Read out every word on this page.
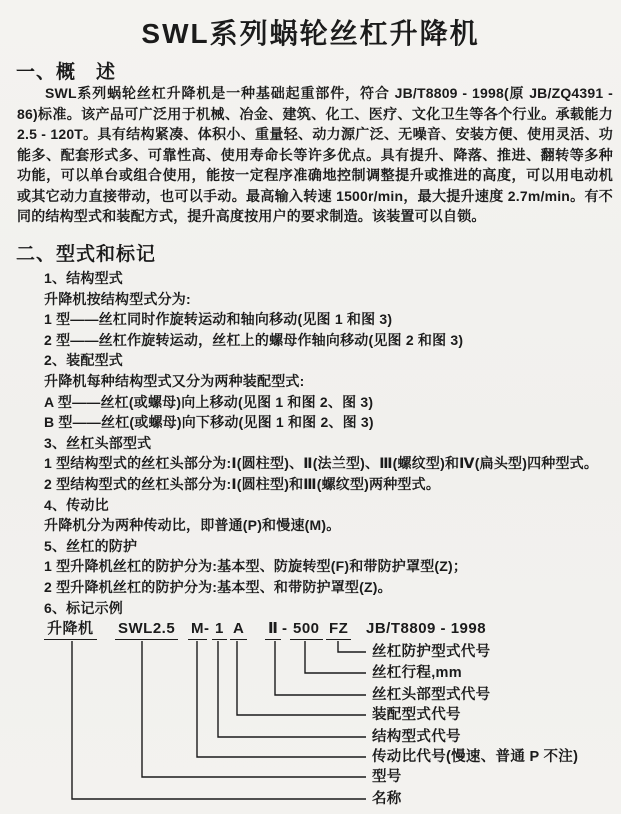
SWL系列蜗轮丝杠升降机
一、概　述

SWL系列蜗轮丝杠升降机是一种基础起重部件，符合 JB/T8809 - 1998(原 JB/ZQ4391 - 86)标准。该产品可广泛用于机械、冶金、建筑、化工、医疗、文化卫生等各个行业。承载能力 2.5 - 120T。具有结构紧凑、体积小、重量轻、动力源广泛、无噪音、安装方便、使用灵活、功能多、配套形式多、可靠性高、使用寿命长等许多优点。具有提升、降落、推进、翻转等多种功能，可以单台或组合使用，能按一定程序准确地控制调整提升或推进的高度，可以用电动机或其它动力直接带动，也可以手动。最高输入转速 1500r/min，最大提升速度 2.7m/min。有不同的结构型式和装配方式，提升高度按用户的要求制造。该装置可以自锁。

二、型式和标记
1、结构型式
升降机按结构型式分为:
1 型——丝杠同时作旋转运动和轴向移动(见图 1 和图 3)
2 型——丝杠作旋转运动，丝杠上的螺母作轴向移动(见图 2 和图 3)
2、装配型式
升降机每种结构型式又分为两种装配型式:
A 型——丝杠(或螺母)向上移动(见图 1 和图 2、图 3)
B 型——丝杠(或螺母)向下移动(见图 1 和图 2、图 3)
3、丝杠头部型式
1 型结构型式的丝杠头部分为:Ⅰ(圆柱型)、Ⅱ(法兰型)、Ⅲ(螺纹型)和Ⅳ(扁头型)四种型式。
2 型结构型式的丝杠头部分为:Ⅰ(圆柱型)和Ⅲ(螺纹型)两种型式。
4、传动比
升降机分为两种传动比，即普通(P)和慢速(M)。
5、丝杠的防护
1 型升降机丝杠的防护分为:基本型、防旋转型(F)和带防护罩型(Z)；
2 型升降机丝杠的防护分为:基本型、和带防护罩型(Z)。
6、标记示例
升降机 SWL2.5 M - 1 A Ⅱ - 500 FZ JB/T8809 - 1998
丝杠防护型式代号
丝杠行程,mm
丝杠头部型式代号
装配型式代号
结构型式代号
传动比代号(慢速、普通 P 不注)
型号
名称
